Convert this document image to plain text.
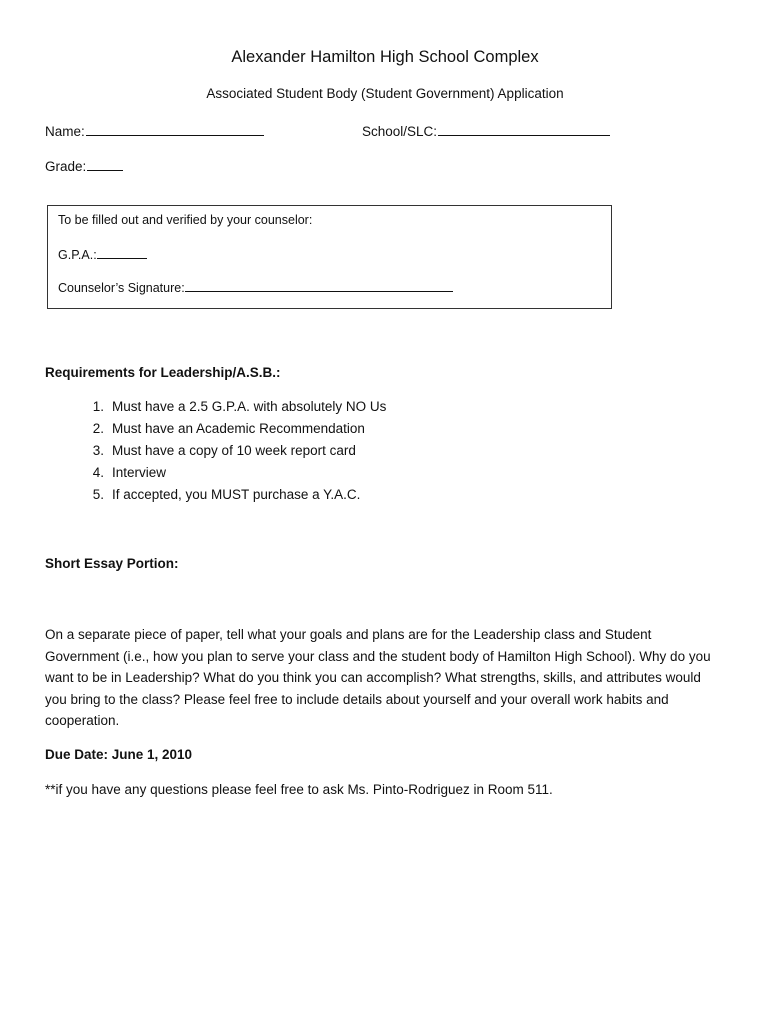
Alexander Hamilton High School Complex
Associated Student Body (Student Government) Application
Name:	School/SLC:
Grade:
To be filled out and verified by your counselor:
G.P.A.:
Counselor’s Signature:
Requirements for Leadership/A.S.B.:
1. Must have a 2.5 G.P.A. with absolutely NO Us
2. Must have an Academic Recommendation
3. Must have a copy of 10 week report card
4. Interview
5. If accepted, you MUST purchase a Y.A.C.
Short Essay Portion:
On a separate piece of paper, tell what your goals and plans are for the Leadership class and Student Government (i.e., how you plan to serve your class and the student body of Hamilton High School). Why do you want to be in Leadership? What do you think you can accomplish? What strengths, skills, and attributes would you bring to the class? Please feel free to include details about yourself and your overall work habits and cooperation.
Due Date: June 1, 2010
**if you have any questions please feel free to ask Ms. Pinto-Rodriguez in Room 511.
